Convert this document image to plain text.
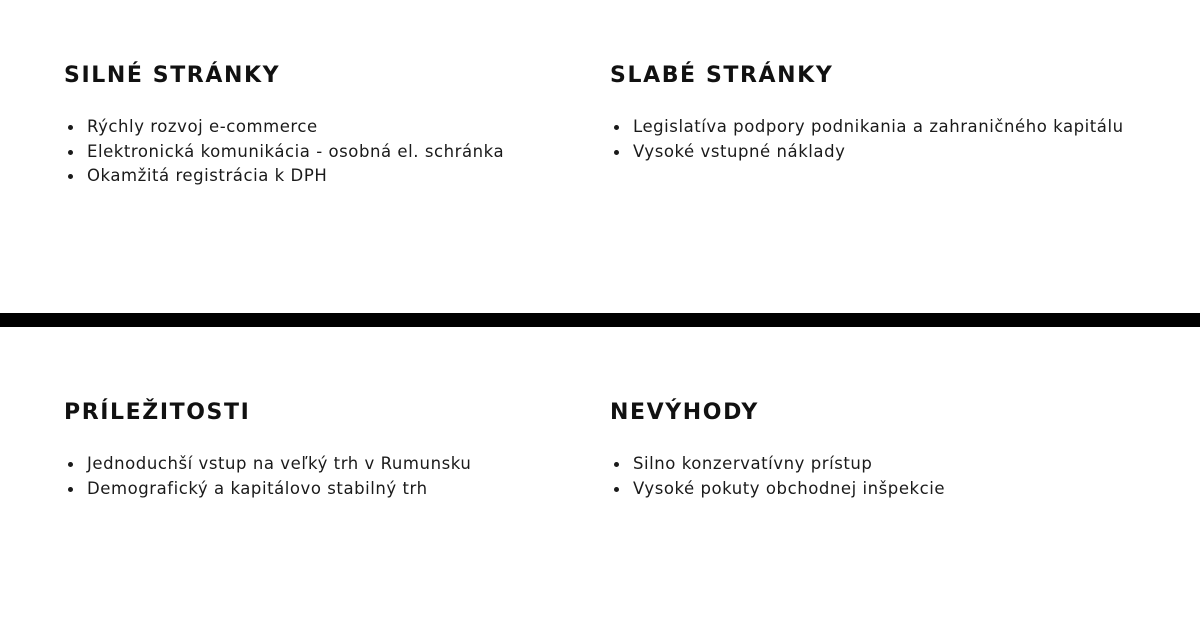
SILNÉ STRÁNKY
Rýchly rozvoj e-commerce
Elektronická komunikácia - osobná el. schránka
Okamžitá registrácia k DPH
SLABÉ STRÁNKY
Legislatíva podpory podnikania a zahraničného kapitálu
Vysoké vstupné náklady
PRÍLEŽITOSTI
Jednoduchší vstup na veľký trh v Rumunsku
Demografický a kapitálovo stabilný trh
NEVÝHODY
Silno konzervatívny prístup
Vysoké pokuty obchodnej inšpekcie
